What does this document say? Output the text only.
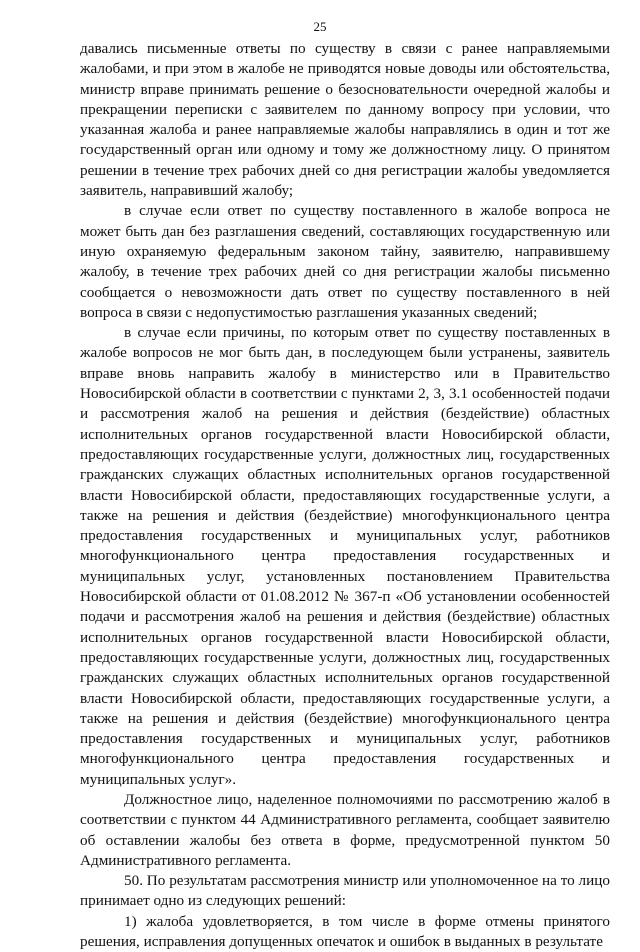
25

давались письменные ответы по существу в связи с ранее направляемыми жалобами, и при этом в жалобе не приводятся новые доводы или обстоятельства, министр вправе принимать решение о безосновательности очередной жалобы и прекращении переписки с заявителем по данному вопросу при условии, что указанная жалоба и ранее направляемые жалобы направлялись в один и тот же государственный орган или одному и тому же должностному лицу. О принятом решении в течение трех рабочих дней со дня регистрации жалобы уведомляется заявитель, направивший жалобу;

в случае если ответ по существу поставленного в жалобе вопроса не может быть дан без разглашения сведений, составляющих государственную или иную охраняемую федеральным законом тайну, заявителю, направившему жалобу, в течение трех рабочих дней со дня регистрации жалобы письменно сообщается о невозможности дать ответ по существу поставленного в ней вопроса в связи с недопустимостью разглашения указанных сведений;

в случае если причины, по которым ответ по существу поставленных в жалобе вопросов не мог быть дан, в последующем были устранены, заявитель вправе вновь направить жалобу в министерство или в Правительство Новосибирской области в соответствии с пунктами 2, 3, 3.1 особенностей подачи и рассмотрения жалоб на решения и действия (бездействие) областных исполнительных органов государственной власти Новосибирской области, предоставляющих государственные услуги, должностных лиц, государственных гражданских служащих областных исполнительных органов государственной власти Новосибирской области, предоставляющих государственные услуги, а также на решения и действия (бездействие) многофункционального центра предоставления государственных и муниципальных услуг, работников многофункционального центра предоставления государственных и муниципальных услуг, установленных постановлением Правительства Новосибирской области от 01.08.2012 № 367-п «Об установлении особенностей подачи и рассмотрения жалоб на решения и действия (бездействие) областных исполнительных органов государственной власти Новосибирской области, предоставляющих государственные услуги, должностных лиц, государственных гражданских служащих областных исполнительных органов государственной власти Новосибирской области, предоставляющих государственные услуги, а также на решения и действия (бездействие) многофункционального центра предоставления государственных и муниципальных услуг, работников многофункционального центра предоставления государственных и муниципальных услуг».

Должностное лицо, наделенное полномочиями по рассмотрению жалоб в соответствии с пунктом 44 Административного регламента, сообщает заявителю об оставлении жалобы без ответа в форме, предусмотренной пунктом 50 Административного регламента.

50. По результатам рассмотрения министр или уполномоченное на то лицо принимает одно из следующих решений:

1) жалоба удовлетворяется, в том числе в форме отмены принятого решения, исправления допущенных опечаток и ошибок в выданных в результате
